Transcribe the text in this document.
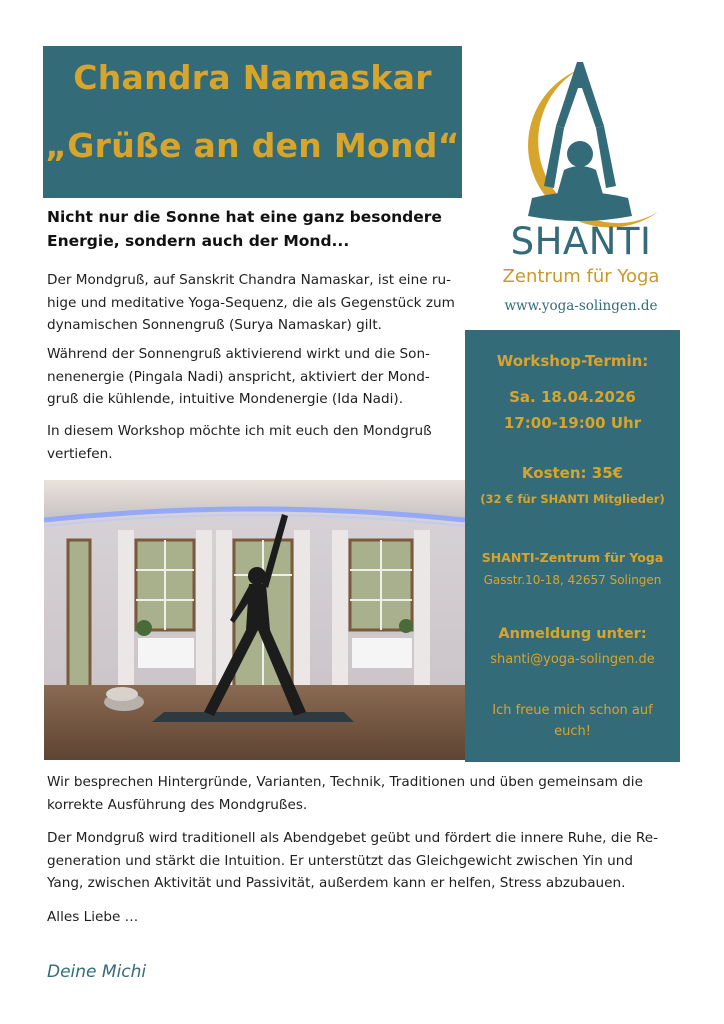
Chandra Namaskar
„Grüße an den Mond“
SHANTI
Zentrum für Yoga
www.yoga-solingen.de
Nicht nur die Sonne hat eine ganz besondere
Energie, sondern auch der Mond...
Der Mondgruß, auf Sanskrit Chandra Namaskar, ist eine ru-
hige und meditative Yoga-Sequenz, die als Gegenstück zum
dynamischen Sonnengruß (Surya Namaskar) gilt.
Während der Sonnengruß aktivierend wirkt und die Son-
nenenergie (Pingala Nadi) anspricht, aktiviert der Mond-
gruß die kühlende, intuitive Mondenergie (Ida Nadi).
In diesem Workshop möchte ich mit euch den Mondgruß
vertiefen.
Workshop-Termin:
Sa. 18.04.2026
17:00-19:00 Uhr
Kosten: 35€
(32 € für SHANTI Mitglieder)
SHANTI-Zentrum für Yoga
Gasstr.10-18, 42657 Solingen
Anmeldung unter:
shanti@yoga-solingen.de
Ich freue mich schon auf euch!
Wir besprechen Hintergründe, Varianten, Technik, Traditionen und üben gemeinsam die
korrekte Ausführung des Mondgrußes.
Der Mondgruß wird traditionell als Abendgebet geübt und fördert die innere Ruhe, die Re-
generation und stärkt die Intuition. Er unterstützt das Gleichgewicht zwischen Yin und
Yang, zwischen Aktivität und Passivität, außerdem kann er helfen, Stress abzubauen.
Alles Liebe …
Deine Michi
